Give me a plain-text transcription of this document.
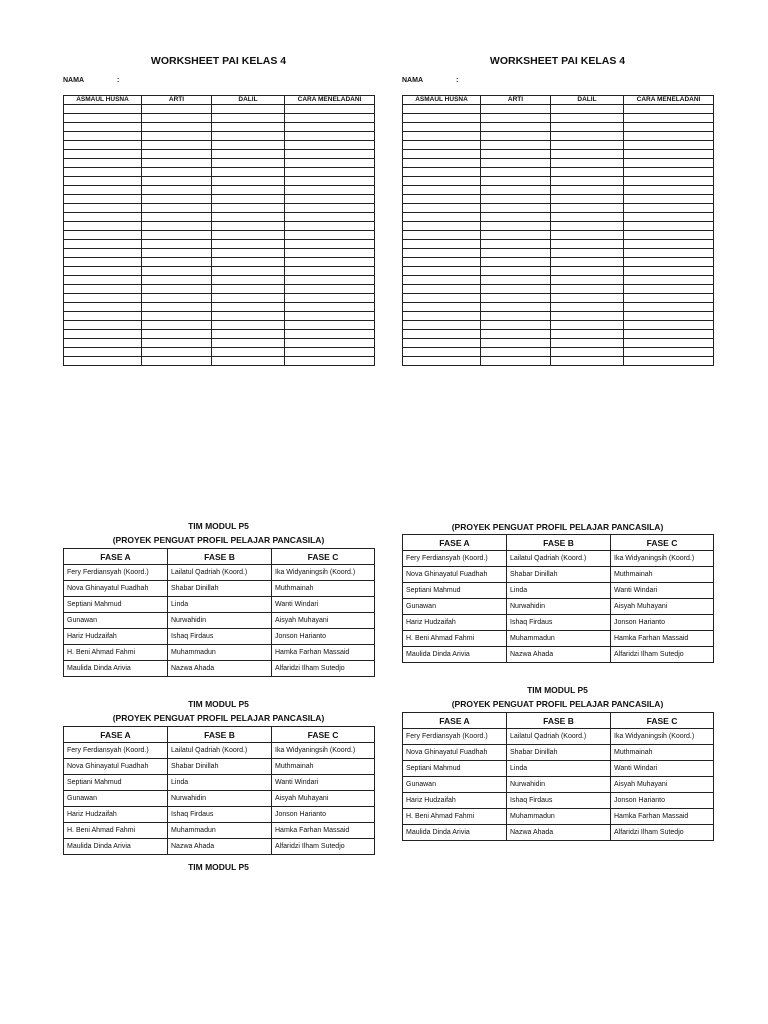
WORKSHEET PAI KELAS 4
NAMA	:
ASMAUL HUSNA	ARTI	DALIL	CARA MENELADANI

WORKSHEET PAI KELAS 4
NAMA	:
ASMAUL HUSNA	ARTI	DALIL	CARA MENELADANI

TIM MODUL P5
(PROYEK PENGUAT PROFIL PELAJAR PANCASILA)
FASE A	FASE B	FASE C
Fery Ferdiansyah (Koord.)	Lailatul Qadriah (Koord.)	Ika Widyaningsih (Koord.)
Nova Ghinayatul Fuadhah	Shabar Dinillah	Muthmainah
Septiani Mahmud	Linda	Wanti Windari
Gunawan	Nurwahidin	Aisyah Muhayani
Hariz Hudzaifah	Ishaq Firdaus	Jonson Harianto
H. Beni Ahmad Fahmi	Muhammadun	Hamka Farhan Massaid
Maulida Dinda Arivia	Nazwa Ahada	Alfaridzi Ilham Sutedjo
TIM MODUL P5
(PROYEK PENGUAT PROFIL PELAJAR PANCASILA)
FASE A	FASE B	FASE C
Fery Ferdiansyah (Koord.)	Lailatul Qadriah (Koord.)	Ika Widyaningsih (Koord.)
Nova Ghinayatul Fuadhah	Shabar Dinillah	Muthmainah
Septiani Mahmud	Linda	Wanti Windari
Gunawan	Nurwahidin	Aisyah Muhayani
Hariz Hudzaifah	Ishaq Firdaus	Jonson Harianto
H. Beni Ahmad Fahmi	Muhammadun	Hamka Farhan Massaid
Maulida Dinda Arivia	Nazwa Ahada	Alfaridzi Ilham Sutedjo
TIM MODUL P5
(PROYEK PENGUAT PROFIL PELAJAR PANCASILA)
FASE A	FASE B	FASE C
Fery Ferdiansyah (Koord.)	Lailatul Qadriah (Koord.)	Ika Widyaningsih (Koord.)
Nova Ghinayatul Fuadhah	Shabar Dinillah	Muthmainah
Septiani Mahmud	Linda	Wanti Windari
Gunawan	Nurwahidin	Aisyah Muhayani
Hariz Hudzaifah	Ishaq Firdaus	Jonson Harianto
H. Beni Ahmad Fahmi	Muhammadun	Hamka Farhan Massaid
Maulida Dinda Arivia	Nazwa Ahada	Alfaridzi Ilham Sutedjo
TIM MODUL P5
(PROYEK PENGUAT PROFIL PELAJAR PANCASILA)
FASE A	FASE B	FASE C
Fery Ferdiansyah (Koord.)	Lailatul Qadriah (Koord.)	Ika Widyaningsih (Koord.)
Nova Ghinayatul Fuadhah	Shabar Dinillah	Muthmainah
Septiani Mahmud	Linda	Wanti Windari
Gunawan	Nurwahidin	Aisyah Muhayani
Hariz Hudzaifah	Ishaq Firdaus	Jonson Harianto
H. Beni Ahmad Fahmi	Muhammadun	Hamka Farhan Massaid
Maulida Dinda Arivia	Nazwa Ahada	Alfaridzi Ilham Sutedjo
